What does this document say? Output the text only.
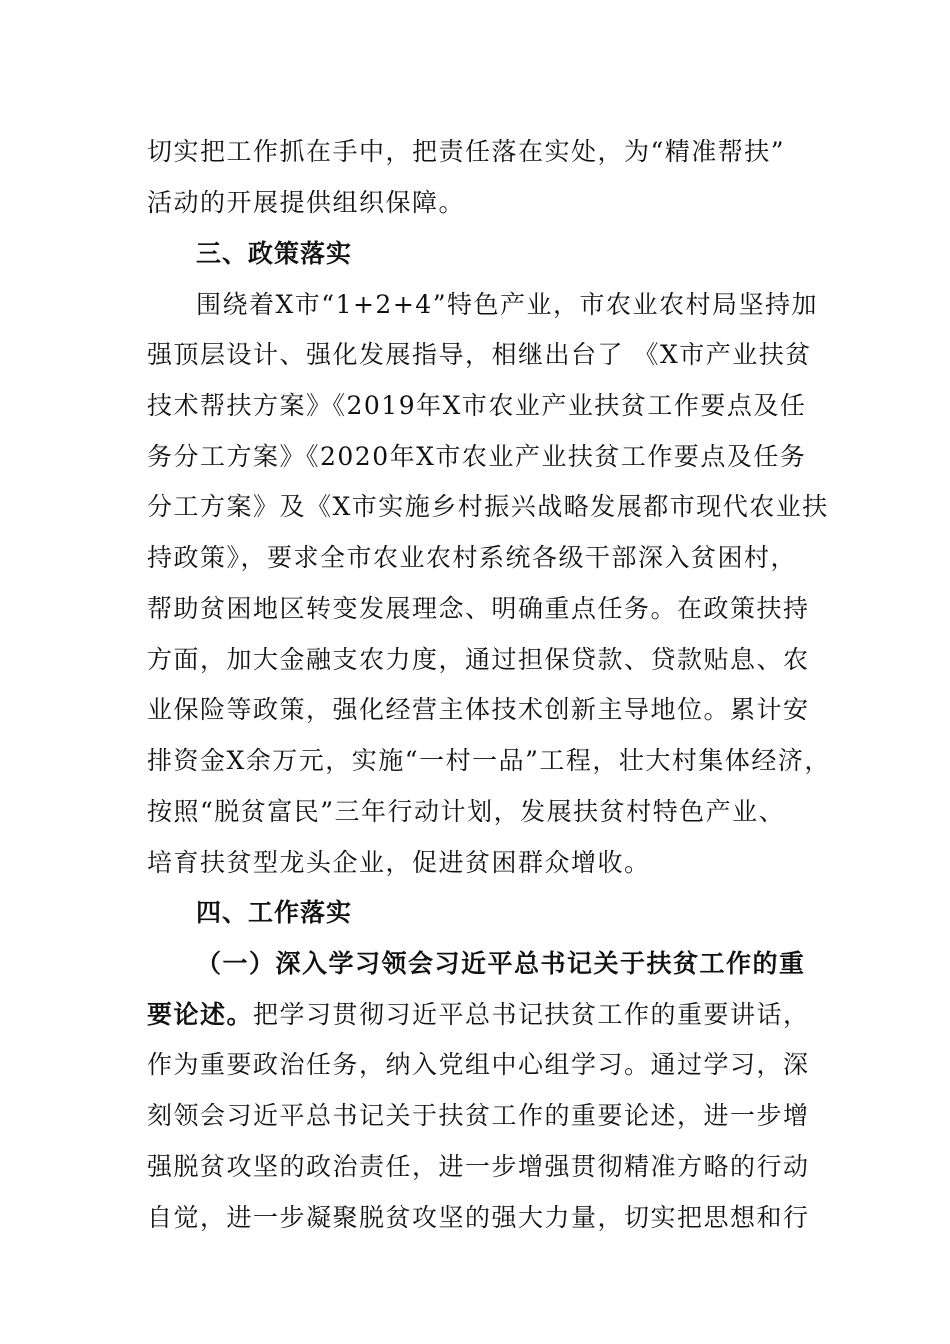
切实把工作抓在手中，把责任落在实处，为“精准帮扶”
活动的开展提供组织保障。
三、政策落实
围绕着X市“1+2+4”特色产业，市农业农村局坚持加
强顶层设计、强化发展指导，相继出台了 《X市产业扶贫
技术帮扶方案》《2019年X市农业产业扶贫工作要点及任
务分工方案》《2020年X市农业产业扶贫工作要点及任务
分工方案》及《X市实施乡村振兴战略发展都市现代农业扶
持政策》，要求全市农业农村系统各级干部深入贫困村，
帮助贫困地区转变发展理念、明确重点任务。在政策扶持
方面，加大金融支农力度，通过担保贷款、贷款贴息、农
业保险等政策，强化经营主体技术创新主导地位。累计安
排资金X余万元，实施“一村一品”工程，壮大村集体经济，
按照“脱贫富民”三年行动计划，发展扶贫村特色产业、
培育扶贫型龙头企业，促进贫困群众增收。
四、工作落实
（一）深入学习领会习近平总书记关于扶贫工作的重
要论述。把学习贯彻习近平总书记扶贫工作的重要讲话，
作为重要政治任务，纳入党组中心组学习。通过学习，深
刻领会习近平总书记关于扶贫工作的重要论述，进一步增
强脱贫攻坚的政治责任，进一步增强贯彻精准方略的行动
自觉，进一步凝聚脱贫攻坚的强大力量，切实把思想和行
